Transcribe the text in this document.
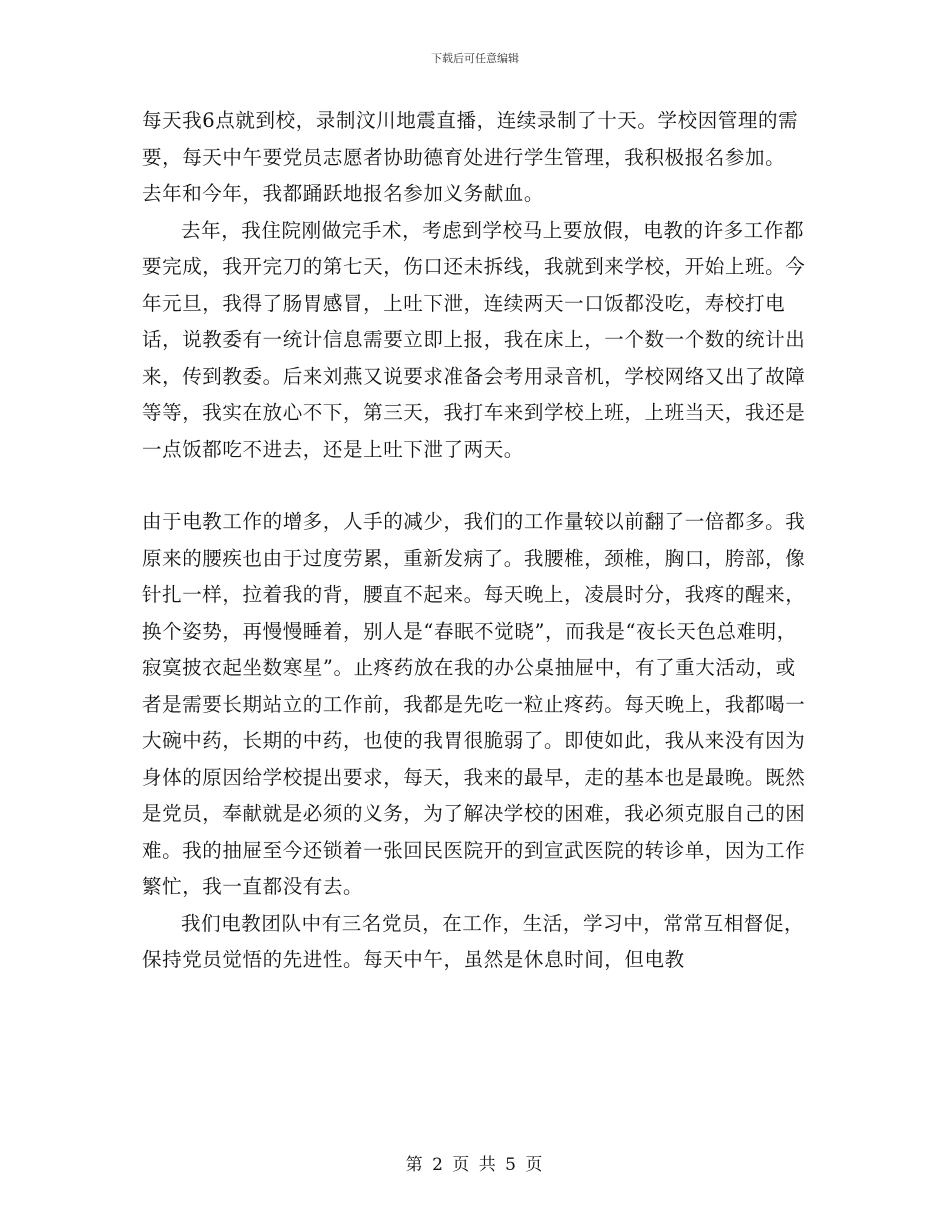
下载后可任意编辑

每天我6点就到校，录制汶川地震直播，连续录制了十天。学校因管理的需要，每天中午要党员志愿者协助德育处进行学生管理，我积极报名参加。

去年和今年，我都踊跃地报名参加义务献血。

去年，我住院刚做完手术，考虑到学校马上要放假，电教的许多工作都要完成，我开完刀的第七天，伤口还未拆线，我就到来学校，开始上班。今年元旦，我得了肠胃感冒，上吐下泄，连续两天一口饭都没吃，寿校打电话，说教委有一统计信息需要立即上报，我在床上，一个数一个数的统计出来，传到教委。后来刘燕又说要求准备会考用录音机，学校网络又出了故障等等，我实在放心不下，第三天，我打车来到学校上班，上班当天，我还是一点饭都吃不进去，还是上吐下泄了两天。

由于电教工作的增多，人手的减少，我们的工作量较以前翻了一倍都多。我原来的腰疾也由于过度劳累，重新发病了。我腰椎，颈椎，胸口，胯部，像针扎一样，拉着我的背，腰直不起来。每天晚上，凌晨时分，我疼的醒来，换个姿势，再慢慢睡着，别人是“春眠不觉晓”，而我是“夜长天色总难明，寂寞披衣起坐数寒星”。止疼药放在我的办公桌抽屉中，有了重大活动，或者是需要长期站立的工作前，我都是先吃一粒止疼药。每天晚上，我都喝一大碗中药，长期的中药，也使的我胃很脆弱了。即使如此，我从来没有因为身体的原因给学校提出要求，每天，我来的最早，走的基本也是最晚。既然是党员，奉献就是必须的义务，为了解决学校的困难，我必须克服自己的困难。我的抽屉至今还锁着一张回民医院开的到宣武医院的转诊单，因为工作繁忙，我一直都没有去。

我们电教团队中有三名党员，在工作，生活，学习中，常常互相督促，保持党员觉悟的先进性。每天中午，虽然是休息时间，但电教

第 2 页 共 5 页
